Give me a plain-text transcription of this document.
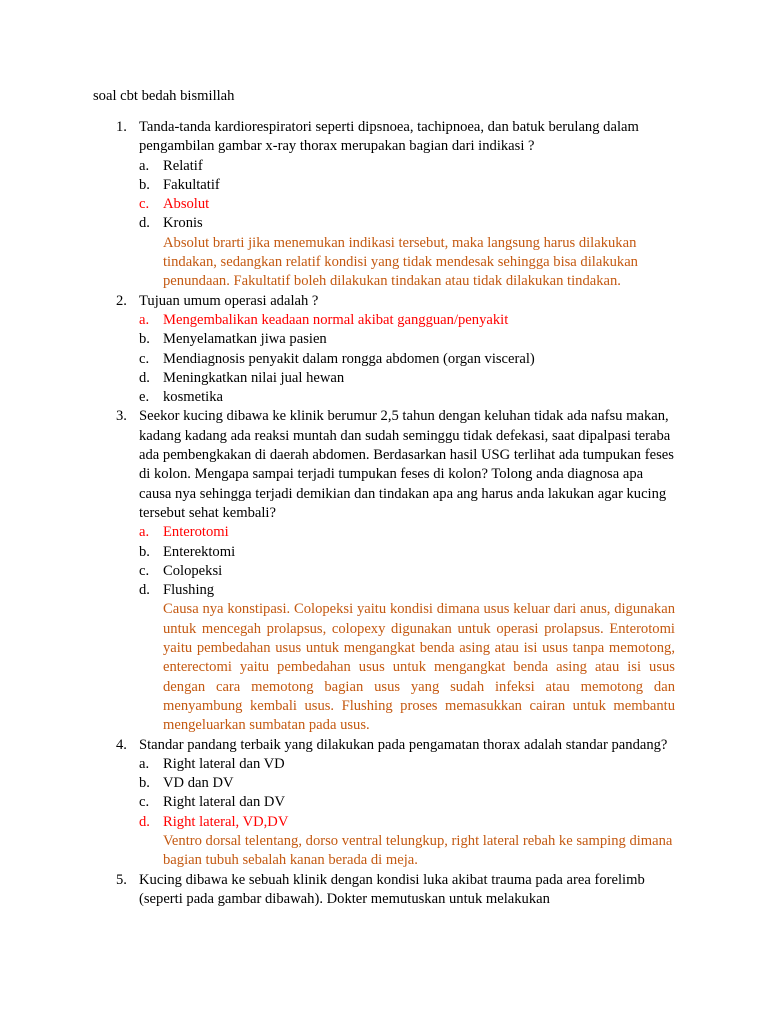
soal cbt bedah bismillah
1. Tanda-tanda kardiorespiratori seperti dipsnoea, tachipnoea, dan batuk berulang dalam pengambilan gambar x-ray thorax merupakan bagian dari indikasi ?
a. Relatif
b. Fakultatif
c. Absolut
d. Kronis
Absolut brarti jika menemukan indikasi tersebut, maka langsung harus dilakukan tindakan, sedangkan relatif kondisi yang tidak mendesak sehingga bisa dilakukan penundaan. Fakultatif boleh dilakukan tindakan atau tidak dilakukan tindakan.
2. Tujuan umum operasi adalah ?
a. Mengembalikan keadaan normal akibat gangguan/penyakit
b. Menyelamatkan jiwa pasien
c. Mendiagnosis penyakit dalam rongga abdomen (organ visceral)
d. Meningkatkan nilai jual hewan
e. kosmetika
3. Seekor kucing dibawa ke klinik berumur 2,5 tahun dengan keluhan tidak ada nafsu makan, kadang kadang ada reaksi muntah dan sudah seminggu tidak defekasi, saat dipalpasi teraba ada pembengkakan di daerah abdomen. Berdasarkan hasil USG terlihat ada tumpukan feses di kolon. Mengapa sampai terjadi tumpukan feses di kolon? Tolong anda diagnosa apa causa nya sehingga terjadi demikian dan tindakan apa ang harus anda lakukan agar kucing tersebut sehat kembali?
a. Enterotomi
b. Enterektomi
c. Colopeksi
d. Flushing
Causa nya konstipasi. Colopeksi yaitu kondisi dimana usus keluar dari anus, digunakan untuk mencegah prolapsus, colopexy digunakan untuk operasi prolapsus. Enterotomi yaitu pembedahan usus untuk mengangkat benda asing atau isi usus tanpa memotong, enterectomi yaitu pembedahan usus untuk mengangkat benda asing atau isi usus dengan cara memotong bagian usus yang sudah infeksi atau memotong dan menyambung kembali usus. Flushing proses memasukkan cairan untuk membantu mengeluarkan sumbatan pada usus.
4. Standar pandang terbaik yang dilakukan pada pengamatan thorax adalah standar pandang?
a. Right lateral dan VD
b. VD dan DV
c. Right lateral dan DV
d. Right lateral, VD,DV
Ventro dorsal telentang, dorso ventral telungkup, right lateral rebah ke samping dimana bagian tubuh sebalah kanan berada di meja.
5. Kucing dibawa ke sebuah klinik dengan kondisi luka akibat trauma pada area forelimb (seperti pada gambar dibawah). Dokter memutuskan untuk melakukan
